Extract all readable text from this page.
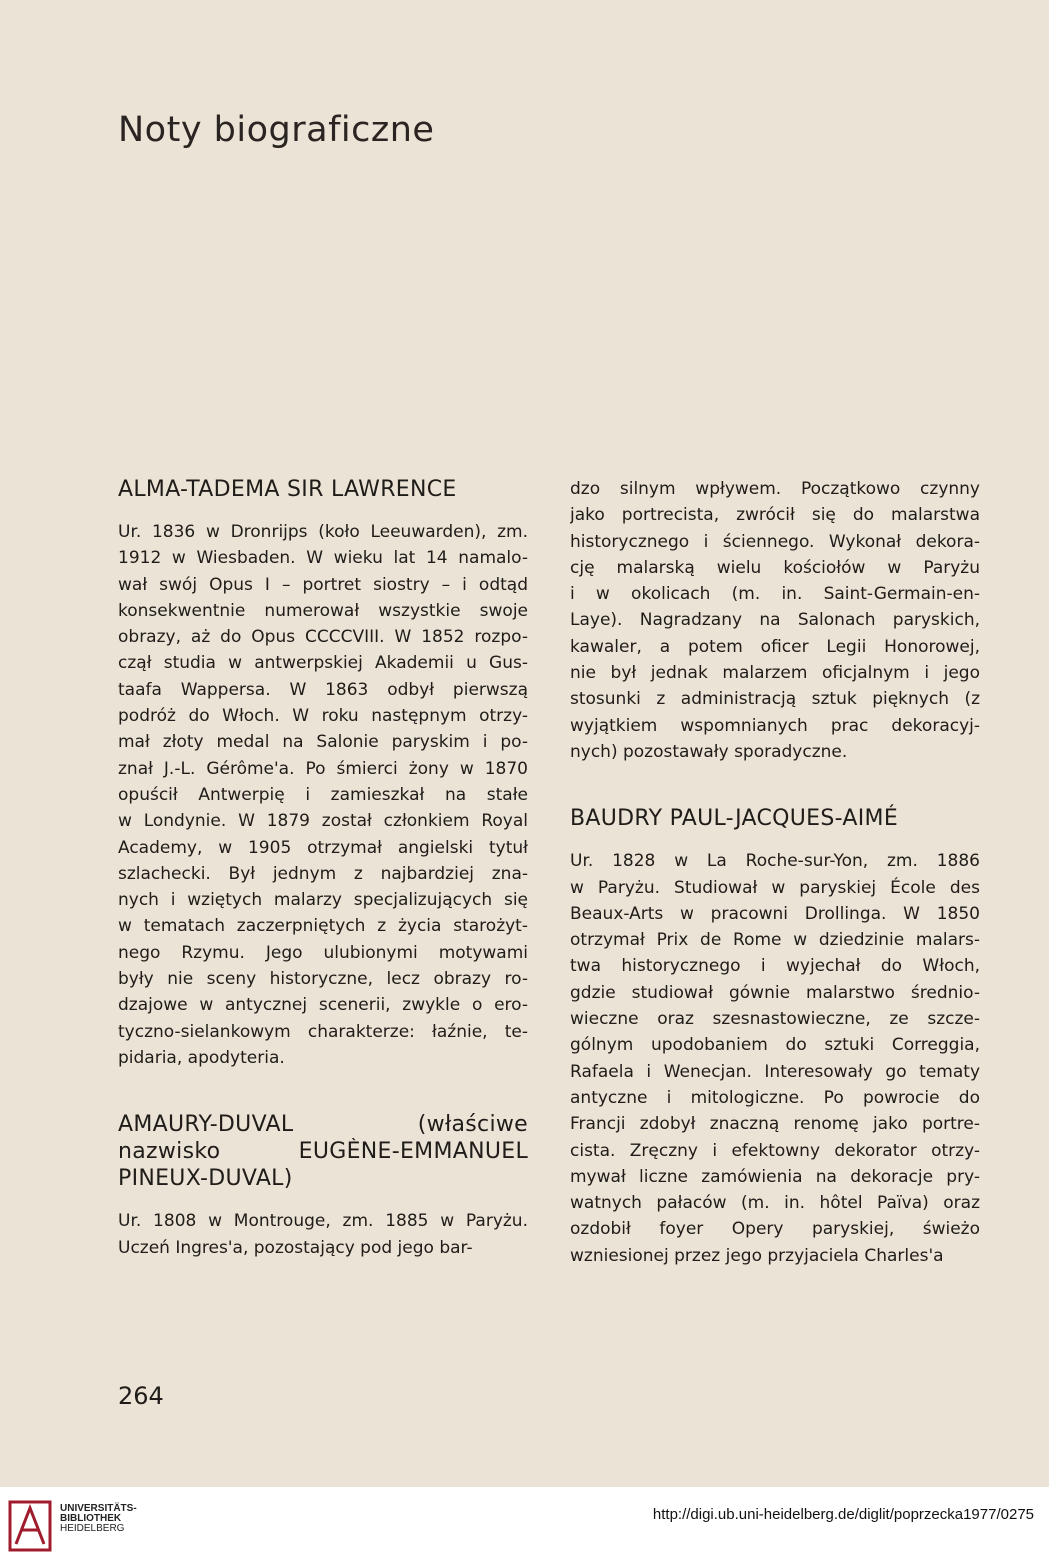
Noty biograficzne
ALMA-TADEMA SIR LAWRENCE
Ur. 1836 w Dronrijps (koło Leeuwarden), zm.
1912 w Wiesbaden. W wieku lat 14 namalo-
wał swój Opus I – portret siostry – i odtąd
konsekwentnie numerował wszystkie swoje
obrazy, aż do Opus CCCCVIII. W 1852 rozpo-
czął studia w antwerpskiej Akademii u Gus-
taafa Wappersa. W 1863 odbył pierwszą
podróż do Włoch. W roku następnym otrzy-
mał złoty medal na Salonie paryskim i po-
znał J.-L. Gérôme'a. Po śmierci żony w 1870
opuścił Antwerpię i zamieszkał na stałe
w Londynie. W 1879 został członkiem Royal
Academy, w 1905 otrzymał angielski tytuł
szlachecki. Był jednym z najbardziej zna-
nych i wziętych malarzy specjalizujących się
w tematach zaczerpniętych z życia starożyt-
nego Rzymu. Jego ulubionymi motywami
były nie sceny historyczne, lecz obrazy ro-
dzajowe w antycznej scenerii, zwykle o ero-
tyczno-sielankowym charakterze: łaźnie, te-
pidaria, apodyteria.
AMAURY-DUVAL (właściwe
nazwisko EUGÈNE-EMMANUEL
PINEUX-DUVAL)
Ur. 1808 w Montrouge, zm. 1885 w Paryżu.
Uczeń Ingres'a, pozostający pod jego bar-
dzo silnym wpływem. Początkowo czynny
jako portrecista, zwrócił się do malarstwa
historycznego i ściennego. Wykonał dekora-
cję malarską wielu kościołów w Paryżu
i w okolicach (m. in. Saint-Germain-en-
Laye). Nagradzany na Salonach paryskich,
kawaler, a potem oficer Legii Honorowej,
nie był jednak malarzem oficjalnym i jego
stosunki z administracją sztuk pięknych (z
wyjątkiem wspomnianych prac dekoracyj-
nych) pozostawały sporadyczne.
BAUDRY PAUL-JACQUES-AIMÉ
Ur. 1828 w La Roche-sur-Yon, zm. 1886
w Paryżu. Studiował w paryskiej École des
Beaux-Arts w pracowni Drollinga. W 1850
otrzymał Prix de Rome w dziedzinie malars-
twa historycznego i wyjechał do Włoch,
gdzie studiował gównie malarstwo średnio-
wieczne oraz szesnastowieczne, ze szcze-
gólnym upodobaniem do sztuki Correggia,
Rafaela i Wenecjan. Interesowały go tematy
antyczne i mitologiczne. Po powrocie do
Francji zdobył znaczną renomę jako portre-
cista. Zręczny i efektowny dekorator otrzy-
mywał liczne zamówienia na dekoracje pry-
watnych pałaców (m. in. hôtel Païva) oraz
ozdobił foyer Opery paryskiej, świeżo
wzniesionej przez jego przyjaciela Charles'a
264
UNIVERSITÄTS-
BIBLIOTHEK
HEIDELBERG
http://digi.ub.uni-heidelberg.de/diglit/poprzecka1977/0275
